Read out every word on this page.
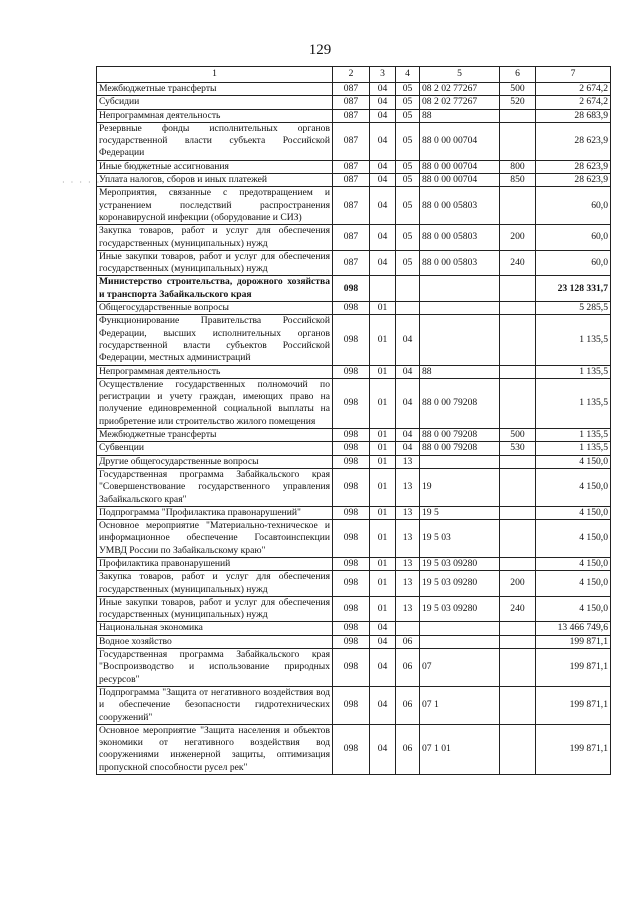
129
· · · · ·
1	2	3	4	5	6	7
Межбюджетные трансферты	087	04	05	08 2 02 77267	500	2 674,2
Субсидии	087	04	05	08 2 02 77267	520	2 674,2
Непрограммная деятельность	087	04	05	88		28 683,9
Резервные фонды исполнительных органов государственной власти субъекта Российской Федерации	087	04	05	88 0 00 00704		28 623,9
Иные бюджетные ассигнования	087	04	05	88 0 00 00704	800	28 623,9
Уплата налогов, сборов и иных платежей	087	04	05	88 0 00 00704	850	28 623,9
Мероприятия, связанные с предотвращением и устранением последствий распространения коронавирусной инфекции (оборудование и СИЗ)	087	04	05	88 0 00 05803		60,0
Закупка товаров, работ и услуг для обеспечения государственных (муниципальных) нужд	087	04	05	88 0 00 05803	200	60,0
Иные закупки товаров, работ и услуг для обеспечения государственных (муниципальных) нужд	087	04	05	88 0 00 05803	240	60,0
Министерство строительства, дорожного хозяйства и транспорта Забайкальского края	098					23 128 331,7
Общегосударственные вопросы	098	01				5 285,5
Функционирование Правительства Российской Федерации, высших исполнительных органов государственной власти субъектов Российской Федерации, местных администраций	098	01	04			1 135,5
Непрограммная деятельность	098	01	04	88		1 135,5
Осуществление государственных полномочий по регистрации и учету граждан, имеющих право на получение единовременной социальной выплаты на приобретение или строительство жилого помещения	098	01	04	88 0 00 79208		1 135,5
Межбюджетные трансферты	098	01	04	88 0 00 79208	500	1 135,5
Субвенции	098	01	04	88 0 00 79208	530	1 135,5
Другие общегосударственные вопросы	098	01	13			4 150,0
Государственная программа Забайкальского края "Совершенствование государственного управления Забайкальского края"	098	01	13	19		4 150,0
Подпрограмма "Профилактика правонарушений"	098	01	13	19 5		4 150,0
Основное мероприятие "Материально-техническое и информационное обеспечение Госавтоинспекции УМВД России по Забайкальскому краю"	098	01	13	19 5 03		4 150,0
Профилактика правонарушений	098	01	13	19 5 03 09280		4 150,0
Закупка товаров, работ и услуг для обеспечения государственных (муниципальных) нужд	098	01	13	19 5 03 09280	200	4 150,0
Иные закупки товаров, работ и услуг для обеспечения государственных (муниципальных) нужд	098	01	13	19 5 03 09280	240	4 150,0
Национальная экономика	098	04				13 466 749,6
Водное хозяйство	098	04	06			199 871,1
Государственная программа Забайкальского края "Воспроизводство и использование природных ресурсов"	098	04	06	07		199 871,1
Подпрограмма "Защита от негативного воздействия вод и обеспечение безопасности гидротехнических сооружений"	098	04	06	07 1		199 871,1
Основное мероприятие "Защита населения и объектов экономики от негативного воздействия вод сооружениями инженерной защиты, оптимизация пропускной способности русел рек"	098	04	06	07 1 01		199 871,1
